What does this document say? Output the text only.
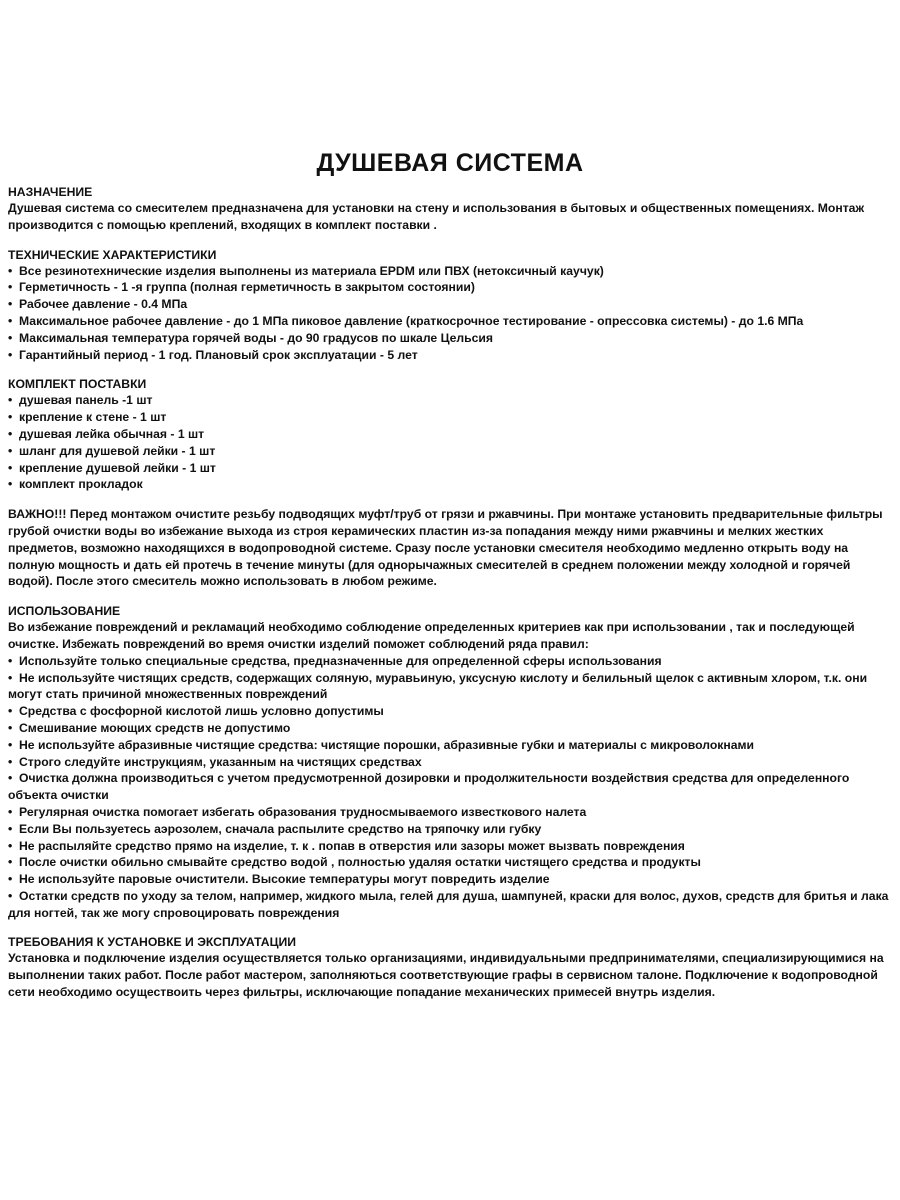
ДУШЕВАЯ СИСТЕМА

НАЗНАЧЕНИЕ

Душевая система со смесителем предназначена для установки на стену и использования в бытовых и общественных помещениях. Монтаж производится с помощью креплений, входящих в комплект поставки .

ТЕХНИЧЕСКИЕ ХАРАКТЕРИСТИКИ

• Все резинотехнические изделия выполнены из материала EPDM или ПВХ (нетоксичный каучук)
• Герметичность - 1 -я группа (полная герметичность в закрытом состоянии)
• Рабочее давление - 0.4 МПа
• Максимальное рабочее давление - до 1 МПа пиковое давление (краткосрочное тестирование - опрессовка системы) - до 1.6 МПа
• Максимальная температура горячей воды - до 90 градусов по шкале Цельсия
• Гарантийный период - 1 год. Плановый срок эксплуатации - 5 лет

КОМПЛЕКТ ПОСТАВКИ

• душевая панель -1 шт
• крепление к стене - 1 шт
• душевая лейка обычная - 1 шт
• шланг для душевой лейки - 1 шт
• крепление душевой лейки - 1 шт
• комплект прокладок

ВАЖНО!!! Перед монтажом очистите резьбу подводящих муфт/труб от грязи и ржавчины. При монтаже установить предварительные фильтры грубой очистки воды во избежание выхода из строя керамических пластин из-за попадания между ними ржавчины и мелких жестких предметов, возможно находящихся в водопроводной системе. Сразу после установки смесителя необходимо медленно открыть воду на полную мощность и дать ей протечь в течение минуты (для однорычажных смесителей в среднем положении между холодной и горячей водой). После этого смеситель можно использовать в любом режиме.

ИСПОЛЬЗОВАНИЕ

Во избежание повреждений и рекламаций необходимо соблюдение определенных критериев как при использовании , так и последующей очистке. Избежать повреждений во время очистки изделий поможет соблюдений ряда правил:

• Используйте только специальные средства, предназначенные для определенной сферы использования
• Не используйте чистящих средств, содержащих соляную, муравьиную, уксусную кислоту и белильный щелок с активным хлором, т.к. они могут стать причиной множественных повреждений
• Средства с фосфорной кислотой лишь условно допустимы
• Смешивание моющих средств не допустимо
• Не используйте абразивные чистящие средства: чистящие порошки, абразивные губки и материалы с микроволокнами
• Строго следуйте инструкциям, указанным на чистящих средствах
• Очистка должна производиться с учетом предусмотренной дозировки и продолжительности воздействия средства для определенного объекта очистки
• Регулярная очистка помогает избегать образования трудносмываемого известкового налета
• Если Вы пользуетесь аэрозолем, сначала распылите средство на тряпочку или губку
• Не распыляйте средство прямо на изделие, т. к . попав в отверстия или зазоры может вызвать повреждения
• После очистки обильно смывайте средство водой , полностью удаляя остатки чистящего средства и продукты
• Не используйте паровые очистители. Высокие температуры могут повредить изделие
• Остатки средств по уходу за телом, например, жидкого мыла, гелей для душа, шампуней, краски для волос, духов, средств для бритья и лака для ногтей, так же могу спровоцировать повреждения

ТРЕБОВАНИЯ К УСТАНОВКЕ И ЭКСПЛУАТАЦИИ

Установка и подключение изделия осуществляется только организациями, индивидуальными предпринимателями, специализирующимися на выполнении таких работ. После работ мастером, заполняються соответствующие графы в сервисном талоне. Подключение к водопроводной сети необходимо осуществоить через фильтры, исключающие попадание механических примесей внутрь изделия.
